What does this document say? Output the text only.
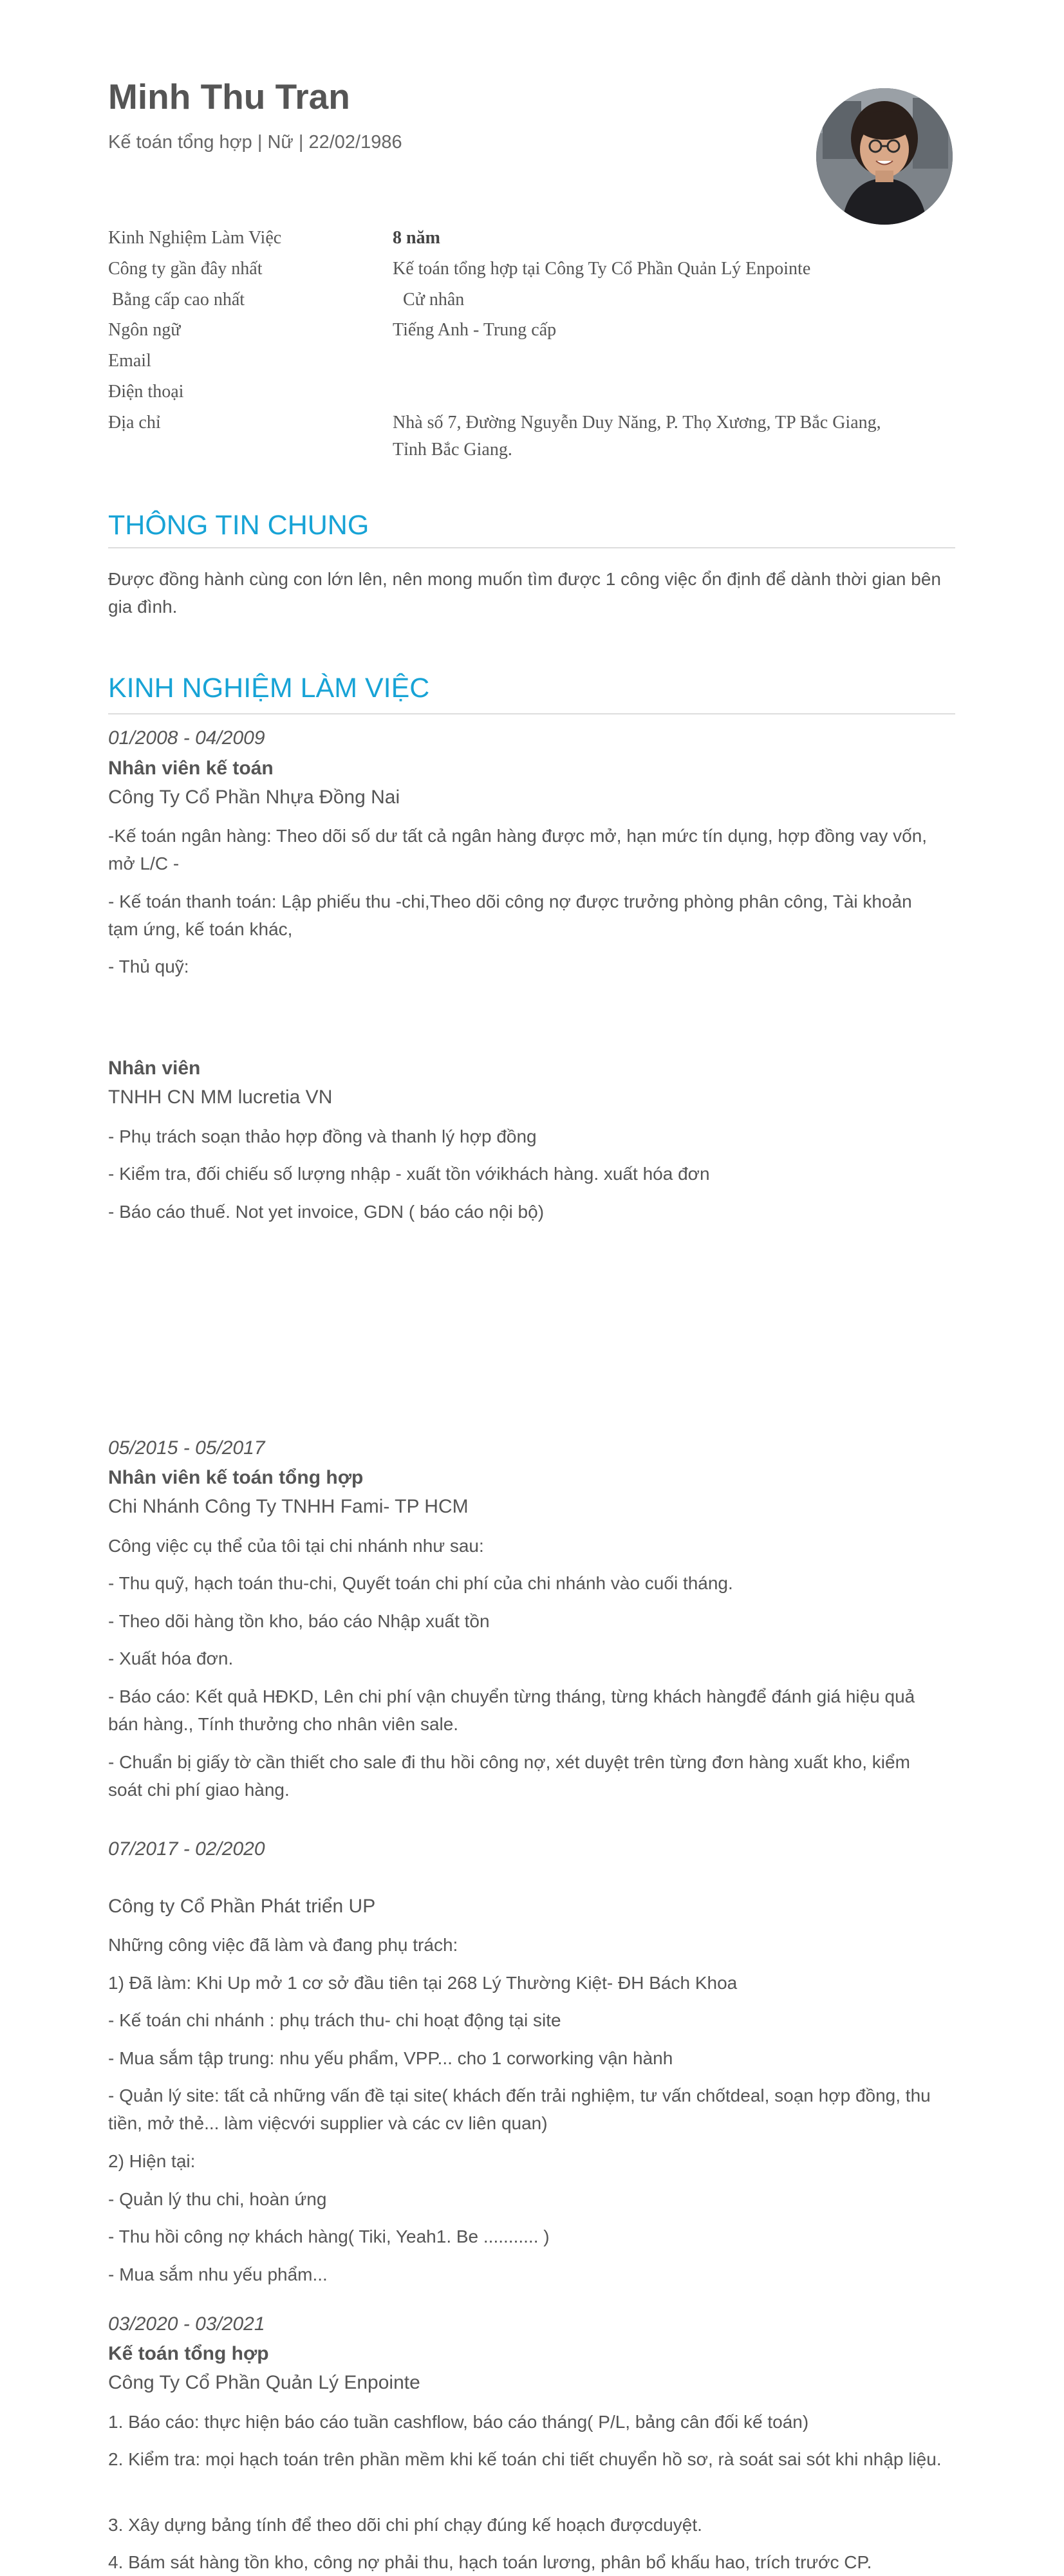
Minh Thu Tran
Kế toán tổng hợp | Nữ | 22/02/1986
Kinh Nghiệm Làm Việc	8 năm
Công ty gần đây nhất	Kế toán tổng hợp tại Công Ty Cổ Phần Quản Lý Enpointe
Bằng cấp cao nhất	Cử nhân
Ngôn ngữ	Tiếng Anh - Trung cấp
Email
Điện thoại
Địa chỉ	Nhà số 7, Đường Nguyễn Duy Năng, P. Thọ Xương, TP Bắc Giang,
Tỉnh Bắc Giang.
THÔNG TIN CHUNG
Được đồng hành cùng con lớn lên, nên mong muốn tìm được 1 công việc ổn định để dành thời gian bên gia đình.
KINH NGHIỆM LÀM VIỆC
01/2008 - 04/2009
Nhân viên kế toán
Công Ty Cổ Phần Nhựa Đồng Nai
-Kế toán ngân hàng: Theo dõi số dư tất cả ngân hàng được mở, hạn mức tín dụng, hợp đồng vay vốn, mở L/C -
- Kế toán thanh toán: Lập phiếu thu -chi,Theo dõi công nợ được trưởng phòng phân công, Tài khoản tạm ứng, kế toán khác,
- Thủ quỹ:
Nhân viên
TNHH CN MM lucretia VN
- Phụ trách soạn thảo hợp đồng và thanh lý hợp đồng
- Kiểm tra, đối chiếu số lượng nhập - xuất tồn vớikhách hàng. xuất hóa đơn
- Báo cáo thuế. Not yet invoice, GDN ( báo cáo nội bộ)
05/2015 - 05/2017
Nhân viên kế toán tổng hợp
Chi Nhánh Công Ty TNHH Fami- TP HCM
Công việc cụ thể của tôi tại chi nhánh như sau:
- Thu quỹ, hạch toán thu-chi, Quyết toán chi phí của chi nhánh vào cuối tháng.
- Theo dõi hàng tồn kho, báo cáo Nhập xuất tồn
- Xuất hóa đơn.
- Báo cáo: Kết quả HĐKD, Lên chi phí vận chuyển từng tháng, từng khách hàngđể đánh giá hiệu quả bán hàng., Tính thưởng cho nhân viên sale.
- Chuẩn bị giấy tờ cần thiết cho sale đi thu hồi công nợ, xét duyệt trên từng đơn hàng xuất kho, kiểm soát chi phí giao hàng.
07/2017 - 02/2020
Công ty Cổ Phần Phát triển UP
Những công việc đã làm và đang phụ trách:
1) Đã làm: Khi Up mở 1 cơ sở đầu tiên tại 268 Lý Thường Kiệt- ĐH Bách Khoa
- Kế toán chi nhánh : phụ trách thu- chi hoạt động tại site
- Mua sắm tập trung: nhu yếu phẩm, VPP... cho 1 corworking vận hành
- Quản lý site: tất cả những vấn đề tại site( khách đến trải nghiệm, tư vấn chốtdeal, soạn hợp đồng, thu tiền, mở thẻ... làm việcvới supplier và các cv liên quan)
2) Hiện tại:
- Quản lý thu chi, hoàn ứng
- Thu hồi công nợ khách hàng( Tiki, Yeah1. Be ........... )
- Mua sắm nhu yếu phẩm...
03/2020 - 03/2021
Kế toán tổng hợp
Công Ty Cổ Phần Quản Lý Enpointe
1. Báo cáo: thực hiện báo cáo tuần cashflow, báo cáo tháng( P/L, bảng cân đối kế toán)
2. Kiểm tra: mọi hạch toán trên phần mềm khi kế toán chi tiết chuyển hồ sơ, rà soát sai sót khi nhập liệu.
3. Xây dựng bảng tính để theo dõi chi phí chạy đúng kế hoạch đượcduyệt.
4. Bám sát hàng tồn kho, công nợ phải thu, hạch toán lương, phân bổ khấu hao, trích trước CP.
